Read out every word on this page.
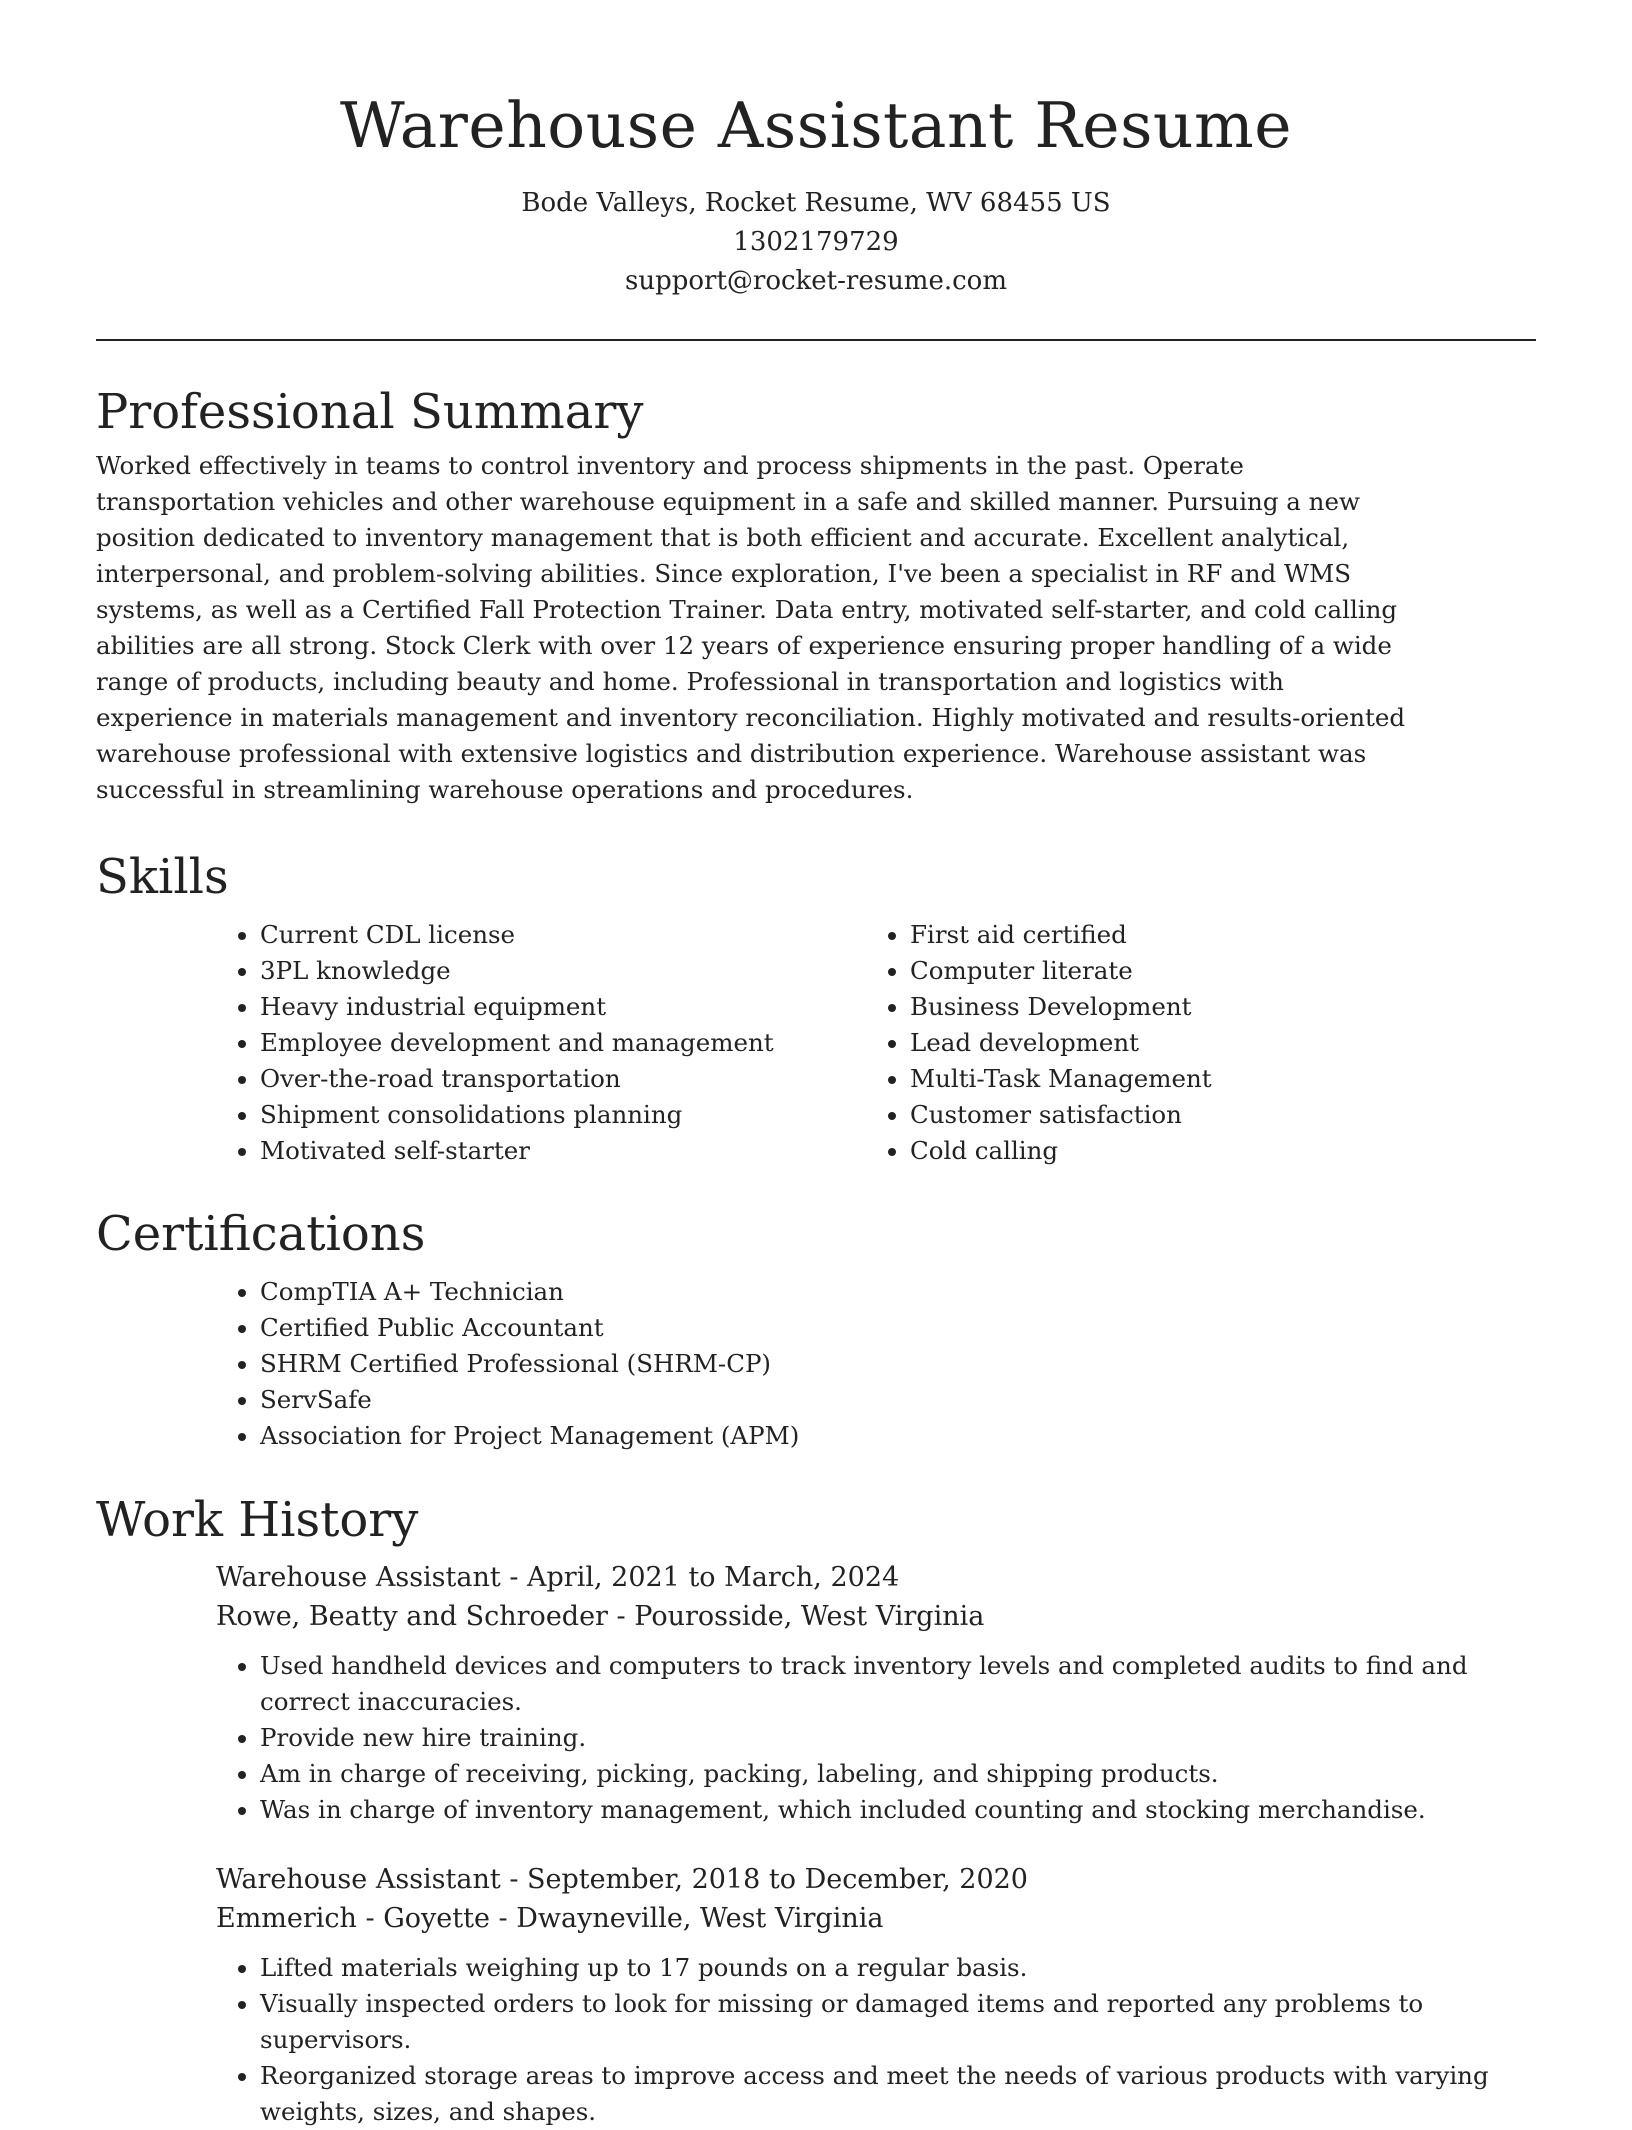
Warehouse Assistant Resume
Bode Valleys, Rocket Resume, WV 68455 US
1302179729
support@rocket-resume.com
Professional Summary

Worked effectively in teams to control inventory and process shipments in the past. Operate transportation vehicles and other warehouse equipment in a safe and skilled manner. Pursuing a new position dedicated to inventory management that is both efficient and accurate. Excellent analytical, interpersonal, and problem-solving abilities. Since exploration, I've been a specialist in RF and WMS systems, as well as a Certified Fall Protection Trainer. Data entry, motivated self-starter, and cold calling abilities are all strong. Stock Clerk with over 12 years of experience ensuring proper handling of a wide range of products, including beauty and home. Professional in transportation and logistics with experience in materials management and inventory reconciliation. Highly motivated and results-oriented warehouse professional with extensive logistics and distribution experience. Warehouse assistant was successful in streamlining warehouse operations and procedures.

Skills
• Current CDL license
• 3PL knowledge
• Heavy industrial equipment
• Employee development and management
• Over-the-road transportation
• Shipment consolidations planning
• Motivated self-starter
• First aid certified
• Computer literate
• Business Development
• Lead development
• Multi-Task Management
• Customer satisfaction
• Cold calling
Certifications
• CompTIA A+ Technician
• Certified Public Accountant
• SHRM Certified Professional (SHRM-CP)
• ServSafe
• Association for Project Management (APM)
Work History

Warehouse Assistant - April, 2021 to March, 2024

Rowe, Beatty and Schroeder - Pourosside, West Virginia

• Used handheld devices and computers to track inventory levels and completed audits to find and correct inaccuracies.
• Provide new hire training.
• Am in charge of receiving, picking, packing, labeling, and shipping products.
• Was in charge of inventory management, which included counting and stocking merchandise.

Warehouse Assistant - September, 2018 to December, 2020

Emmerich - Goyette - Dwayneville, West Virginia

• Lifted materials weighing up to 17 pounds on a regular basis.
• Visually inspected orders to look for missing or damaged items and reported any problems to supervisors.
• Reorganized storage areas to improve access and meet the needs of various products with varying weights, sizes, and shapes.
